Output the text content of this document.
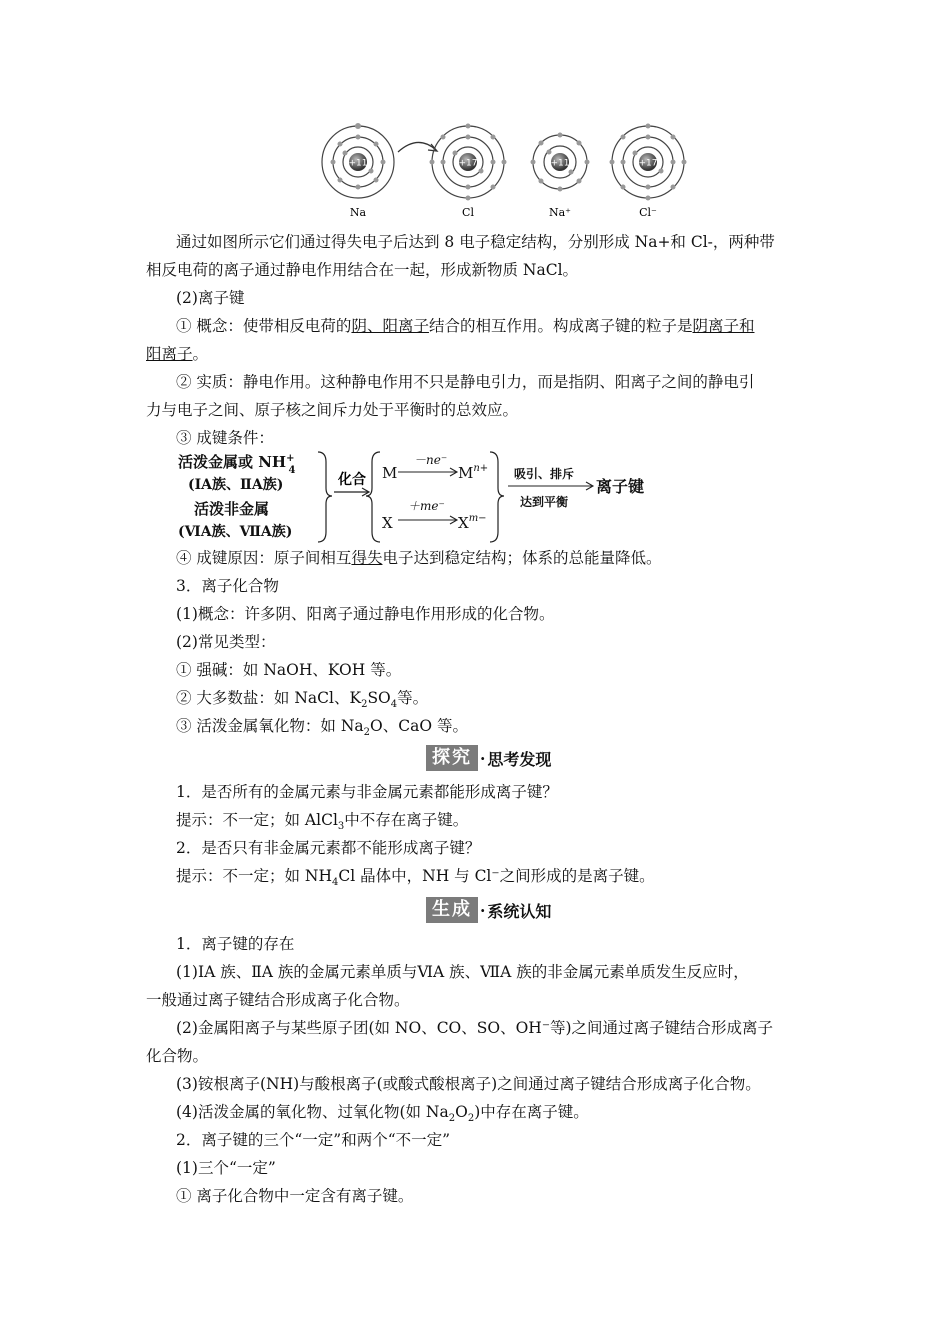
+11	+17	+11	+17
Na	Cl	Na⁺	Cl⁻
通过如图所示它们通过得失电子后达到 8 电子稳定结构，分别形成 Na+和 Cl-，两种带
相反电荷的离子通过静电作用结合在一起，形成新物质 NaCl。
(2)离子键
① 概念：使带相反电荷的阴、阳离子结合的相互作用。构成离子键的粒子是阴离子和
阳离子。
② 实质：静电作用。这种静电作用不只是静电引力，而是指阴、阳离子之间的静电引
力与电子之间、原子核之间斥力处于平衡时的总效应。
③ 成键条件：
活泼金属或 NH+ 4
(ⅠA族、ⅡA族)
活泼非金属
(ⅥA族、ⅦA族)
化合 M
－ne⁻
$M^{n+}$
X
＋me⁻
$X^{m-}$
吸引、排斥
达到平衡
离子键
④ 成键原因：原子间相互得失电子达到稳定结构；体系的总能量降低。
3．离子化合物
(1)概念：许多阴、阳离子通过静电作用形成的化合物。
(2)常见类型：
① 强碱：如 NaOH、KOH 等。
② 大多数盐：如 NaCl、$K_2SO_4$等。
③ 活泼金属氧化物：如 $Na_2O$、CaO 等。
探究 · 思考发现
1．是否所有的金属元素与非金属元素都能形成离子键？
提示：不一定；如 AlCl$_3$中不存在离子键。
2．是否只有非金属元素都不能形成离子键？
提示：不一定；如 $NH_4Cl$ 晶体中，NH 与 Cl⁻之间形成的是离子键。
生成 · 系统认知
1．离子键的存在
(1)ⅠA 族、ⅡA 族的金属元素单质与ⅥA 族、ⅦA 族的非金属元素单质发生反应时，
一般通过离子键结合形成离子化合物。
(2)金属阳离子与某些原子团(如 NO、CO、SO、OH⁻等)之间通过离子键结合形成离子
化合物。
(3)铵根离子(NH)与酸根离子(或酸式酸根离子)之间通过离子键结合形成离子化合物。
(4)活泼金属的氧化物、过氧化物(如 $Na_2O_2$)中存在离子键。
2．离子键的三个“一定”和两个“不一定”
(1)三个“一定”
① 离子化合物中一定含有离子键。
